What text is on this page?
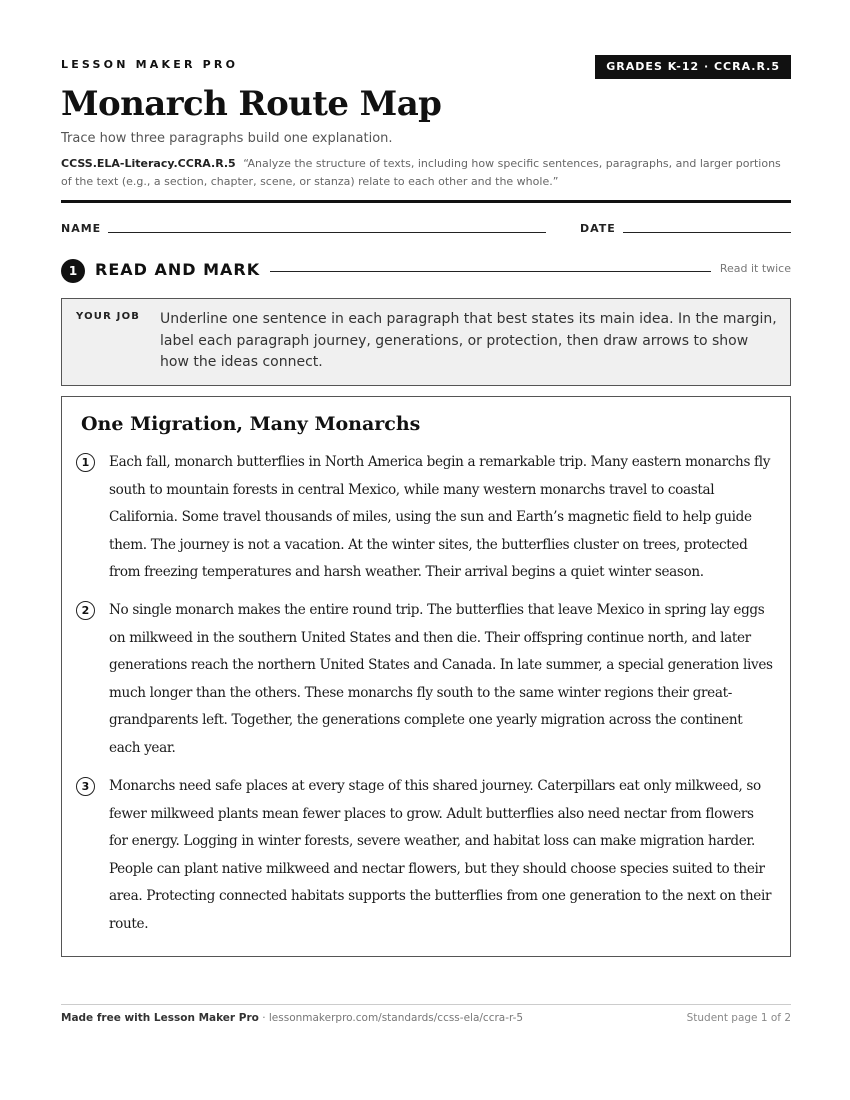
LESSON MAKER PRO	GRADES K-12 · CCRA.R.5
Monarch Route Map

Trace how three paragraphs build one explanation.

CCSS.ELA-Literacy.CCRA.R.5 “Analyze the structure of texts, including how specific sentences, paragraphs, and larger portions of the text (e.g., a section, chapter, scene, or stanza) relate to each other and the whole.”

NAME	DATE
1	READ AND MARK	Read it twice
YOUR JOB Underline one sentence in each paragraph that best states its main idea. In the margin, label each paragraph journey, generations, or protection, then draw arrows to show how the ideas connect.

One Migration, Many Monarchs
1	Each fall, monarch butterflies in North America begin a remarkable trip. Many eastern monarchs fly south to mountain forests in central Mexico, while many western monarchs travel to coastal California. Some travel thousands of miles, using the sun and Earth’s magnetic field to help guide them. The journey is not a vacation. At the winter sites, the butterflies cluster on trees, protected from freezing temperatures and harsh weather. Their arrival begins a quiet winter season.

2	No single monarch makes the entire round trip. The butterflies that leave Mexico in spring lay eggs on milkweed in the southern United States and then die. Their offspring continue north, and later generations reach the northern United States and Canada. In late summer, a special generation lives much longer than the others. These monarchs fly south to the same winter regions their great-grandparents left. Together, the generations complete one yearly migration across the continent each year.

3	Monarchs need safe places at every stage of this shared journey. Caterpillars eat only milkweed, so fewer milkweed plants mean fewer places to grow. Adult butterflies also need nectar from flowers for energy. Logging in winter forests, severe weather, and habitat loss can make migration harder. People can plant native milkweed and nectar flowers, but they should choose species suited to their area. Protecting connected habitats supports the butterflies from one generation to the next on their route.

Made free with Lesson Maker Pro · lessonmakerpro.com/standards/ccss-ela/ccra-r-5	Student page 1 of 2
